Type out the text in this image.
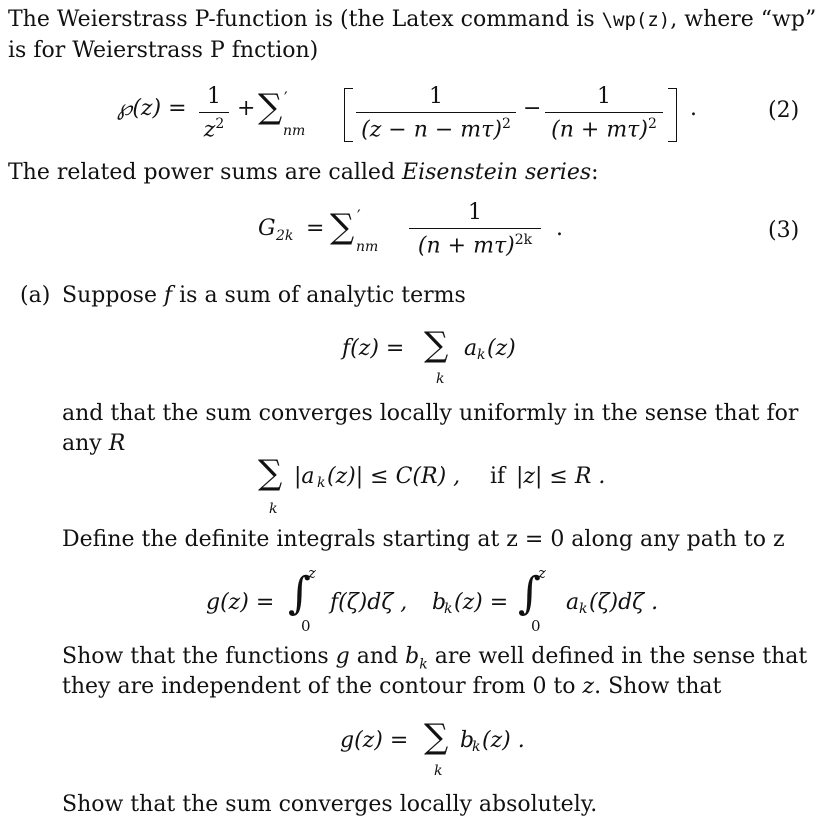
The Weierstrass P-function is (the Latex command is \wp(z), where “wp”
is for Weierstrass P fnction)
℘(z) = 1
$z^2$
+ ∑ ′
nm
1
$(z - n - m\tau)^2$
−	1
$(n + m\tau)^2$
.	(2)
The related power sums are called Eisenstein series:
G 2k = ∑ ′
nm
1
$(n + m\tau)^{2k}$	.	(3)
(a) Suppose f is a sum of analytic terms
f(z) = ∑
k
a k (z)
and that the sum converges locally uniformly in the sense that for
any R
∑
k
|a k (z)| ≤ C(R) , if |z| ≤ R .
Define the definite integrals starting at z = 0 along any path to z
g(z) = ∫
z
0
f(ζ)dζ , b
k (z) = ∫
z
0
a k (ζ)dζ .
Show that the functions g and $b_k$ are well defined in the sense that
they are independent of the contour from 0 to z. Show that
g(z) = ∑
k
b
k (z) .
Show that the sum converges locally absolutely.
